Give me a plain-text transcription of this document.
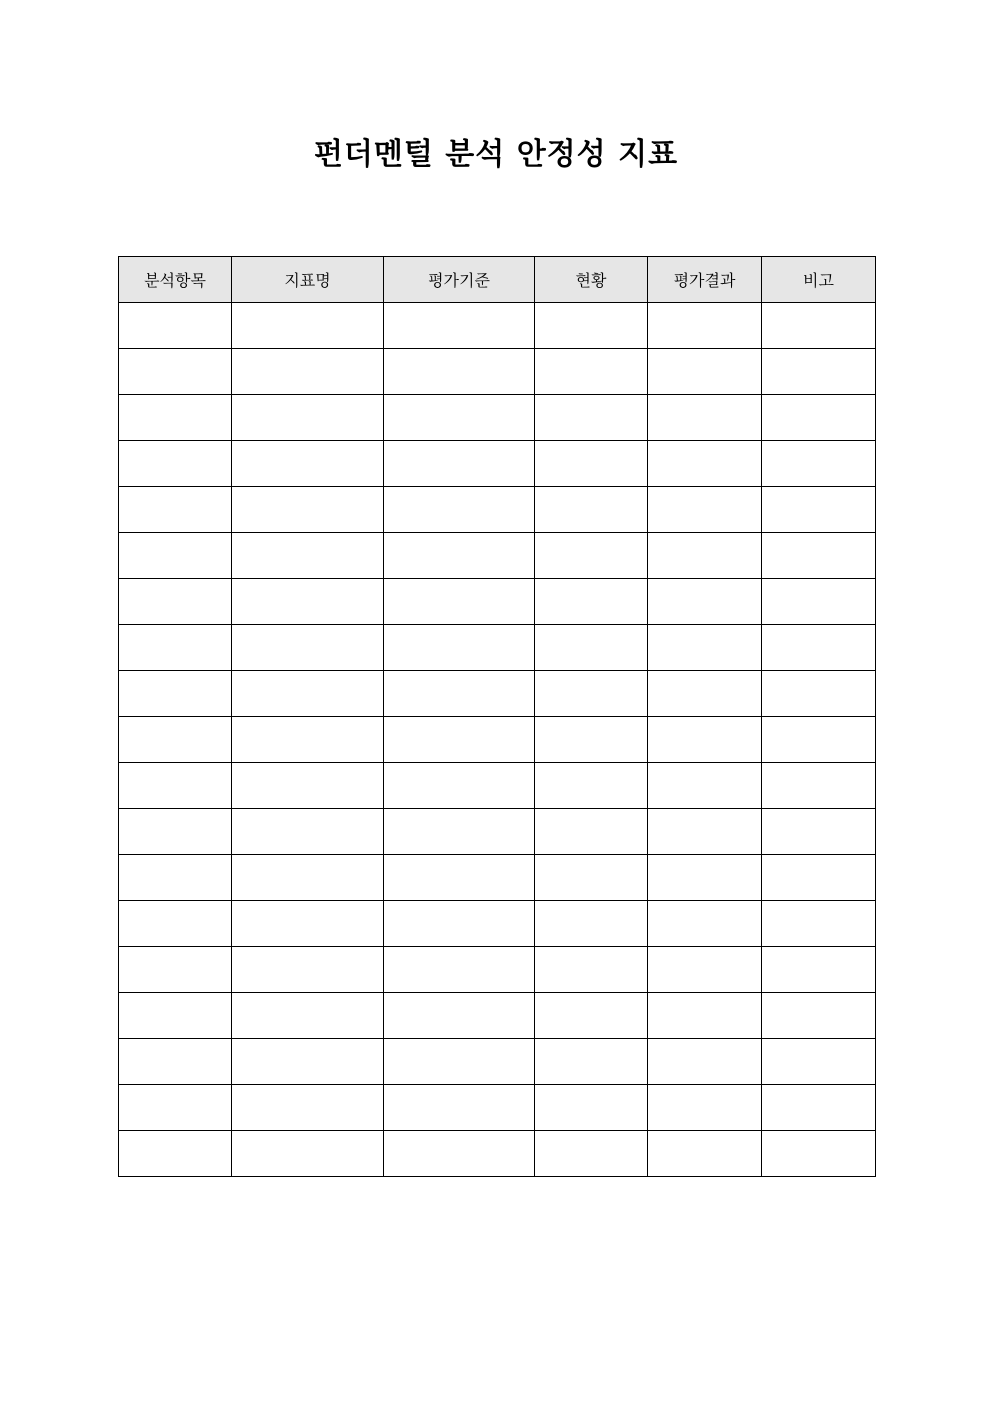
펀더멘털 분석 안정성 지표
분석항목	지표명	평가기준	현황	평가결과	비고
